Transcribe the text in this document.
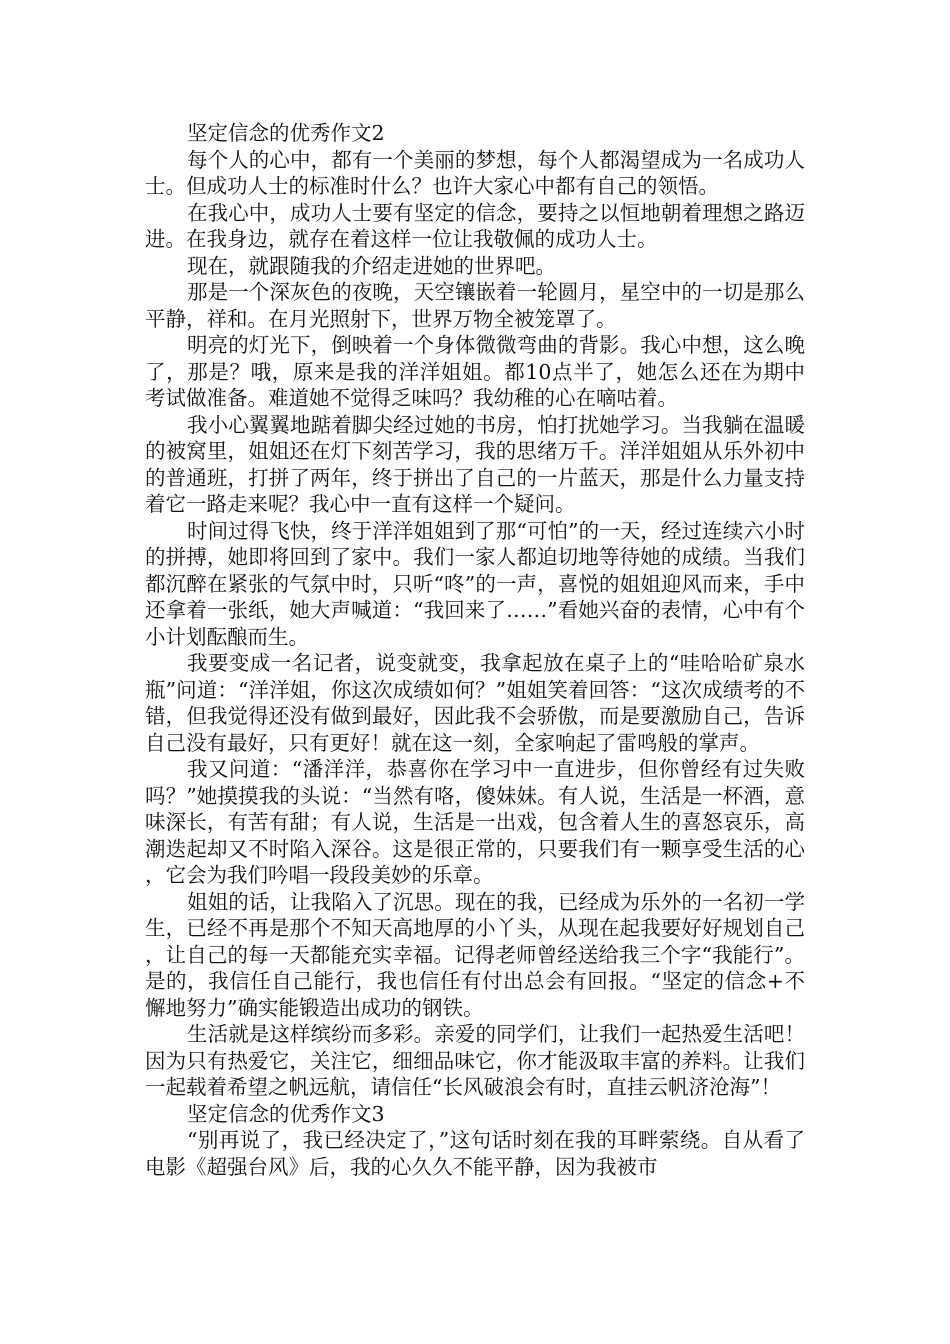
坚定信念的优秀作文2

每个人的心中，都有一个美丽的梦想，每个人都渴望成为一名成功人士。但成功人士的标准时什么？也许大家心中都有自己的领悟。

在我心中，成功人士要有坚定的信念，要持之以恒地朝着理想之路迈进。在我身边，就存在着这样一位让我敬佩的成功人士。

现在，就跟随我的介绍走进她的世界吧。

那是一个深灰色的夜晚，天空镶嵌着一轮圆月，星空中的一切是那么平静，祥和。在月光照射下，世界万物全被笼罩了。

明亮的灯光下，倒映着一个身体微微弯曲的背影。我心中想，这么晚了，那是？哦，原来是我的洋洋姐姐。都10点半了，她怎么还在为期中考试做准备。难道她不觉得乏味吗？我幼稚的心在嘀咕着。

我小心翼翼地踮着脚尖经过她的书房，怕打扰她学习。当我躺在温暖的被窝里，姐姐还在灯下刻苦学习，我的思绪万千。洋洋姐姐从乐外初中的普通班，打拼了两年，终于拼出了自己的一片蓝天，那是什么力量支持着它一路走来呢？我心中一直有这样一个疑问。

时间过得飞快，终于洋洋姐姐到了那“可怕”的一天，经过连续六小时的拼搏，她即将回到了家中。我们一家人都迫切地等待她的成绩。当我们都沉醉在紧张的气氛中时，只听“咚”的一声，喜悦的姐姐迎风而来，手中还拿着一张纸，她大声喊道：“我回来了……”看她兴奋的表情，心中有个小计划酝酿而生。

我要变成一名记者，说变就变，我拿起放在桌子上的“哇哈哈矿泉水瓶”问道：“洋洋姐，你这次成绩如何？”姐姐笑着回答：“这次成绩考的不错，但我觉得还没有做到最好，因此我不会骄傲，而是要激励自己，告诉自己没有最好，只有更好！就在这一刻，全家响起了雷鸣般的掌声。

我又问道：“潘洋洋，恭喜你在学习中一直进步，但你曾经有过失败吗？”她摸摸我的头说：“当然有咯，傻妹妹。有人说，生活是一杯酒，意味深长，有苦有甜；有人说，生活是一出戏，包含着人生的喜怒哀乐，高潮迭起却又不时陷入深谷。这是很正常的，只要我们有一颗享受生活的心，它会为我们吟唱一段段美妙的乐章。

姐姐的话，让我陷入了沉思。现在的我，已经成为乐外的一名初一学生，已经不再是那个不知天高地厚的小丫头，从现在起我要好好规划自己，让自己的每一天都能充实幸福。记得老师曾经送给我三个字“我能行”。是的，我信任自己能行，我也信任有付出总会有回报。“坚定的信念+不懈地努力”确实能锻造出成功的钢铁。

生活就是这样缤纷而多彩。亲爱的同学们，让我们一起热爱生活吧！因为只有热爱它，关注它，细细品味它，你才能汲取丰富的养料。让我们一起载着希望之帆远航，请信任“长风破浪会有时，直挂云帆济沧海”！

坚定信念的优秀作文3

“别再说了，我已经决定了，”这句话时刻在我的耳畔萦绕。自从看了电影《超强台风》后，我的心久久不能平静，因为我被市
